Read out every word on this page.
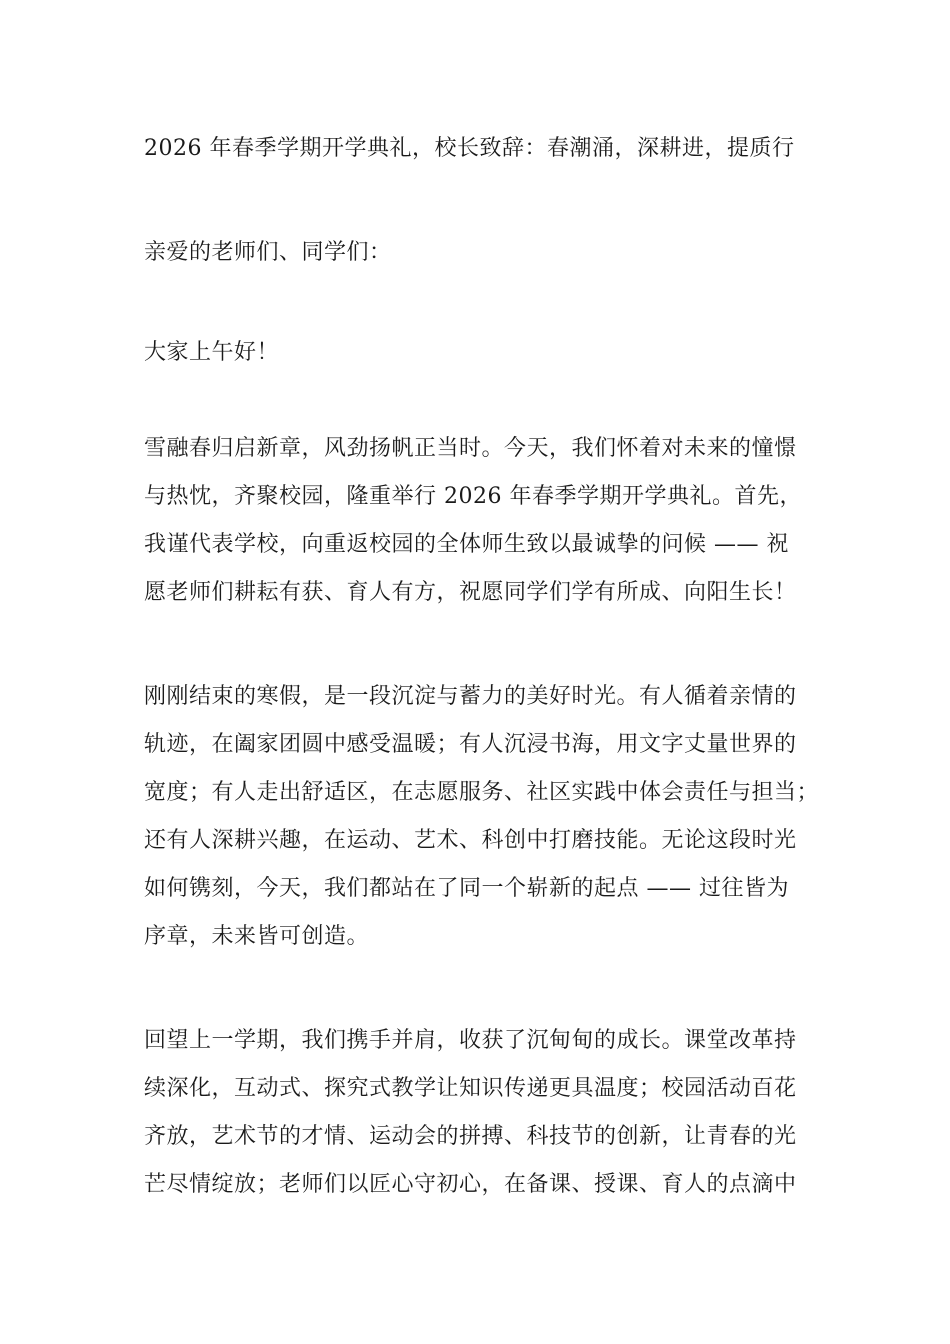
2026 年春季学期开学典礼，校长致辞：春潮涌，深耕进，提质行
亲爱的老师们、同学们：
大家上午好！
雪融春归启新章，风劲扬帆正当时。今天，我们怀着对未来的憧憬
与热忱，齐聚校园，隆重举行 2026 年春季学期开学典礼。首先，
我谨代表学校，向重返校园的全体师生致以最诚挚的问候 —— 祝
愿老师们耕耘有获、育人有方，祝愿同学们学有所成、向阳生长！
刚刚结束的寒假，是一段沉淀与蓄力的美好时光。有人循着亲情的
轨迹，在阖家团圆中感受温暖；有人沉浸书海，用文字丈量世界的
宽度；有人走出舒适区，在志愿服务、社区实践中体会责任与担当；
还有人深耕兴趣，在运动、艺术、科创中打磨技能。无论这段时光
如何镌刻，今天，我们都站在了同一个崭新的起点 —— 过往皆为
序章，未来皆可创造。
回望上一学期，我们携手并肩，收获了沉甸甸的成长。课堂改革持
续深化，互动式、探究式教学让知识传递更具温度；校园活动百花
齐放，艺术节的才情、运动会的拼搏、科技节的创新，让青春的光
芒尽情绽放；老师们以匠心守初心，在备课、授课、育人的点滴中
